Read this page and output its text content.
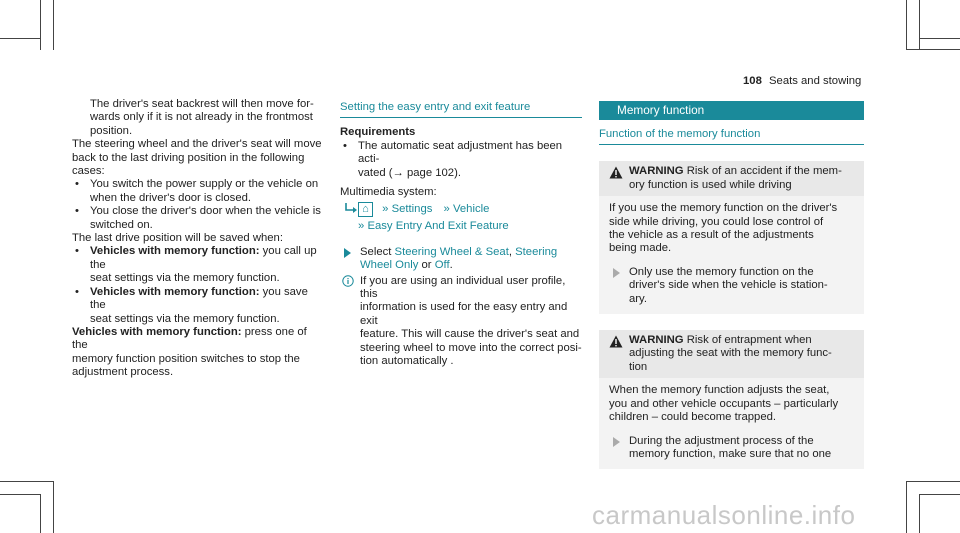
108 Seats and stowing

The driver's seat backrest will then move for-

wards only if it is not already in the frontmost

position.

The steering wheel and the driver's seat will move

back to the last driving position in the following

cases:

• You switch the power supply or the vehicle on

when the driver's door is closed.

• You close the driver's door when the vehicle is

switched on.

The last drive position will be saved when:

• Vehicles with memory function: you call up the

seat settings via the memory function.

• Vehicles with memory function: you save the

seat settings via the memory function.

Vehicles with memory function: press one of the

memory function position switches to stop the

adjustment process.

Setting the easy entry and exit feature

Requirements

• The automatic seat adjustment has been acti-

vated (→ page 102).

Multimedia system:

⌂ » Settings » Vehicle

» Easy Entry And Exit Feature

Select Steering Wheel & Seat, Steering

Wheel Only or Off.

If you are using an individual user profile, this

information is used for the easy entry and exit

feature. This will cause the driver's seat and

steering wheel to move into the correct posi-

tion automatically .

Memory function
Function of the memory function
WARNING Risk of an accident if the mem-
ory function is used while driving

If you use the memory function on the driver's

side while driving, you could lose control of

the vehicle as a result of the adjustments

being made.

Only use the memory function on the

driver's side when the vehicle is station-

ary.

WARNING Risk of entrapment when
adjusting the seat with the memory func-
tion

When the memory function adjusts the seat,

you and other vehicle occupants – particularly

children – could become trapped.

During the adjustment process of the

memory function, make sure that no one

carmanualsonline.info
